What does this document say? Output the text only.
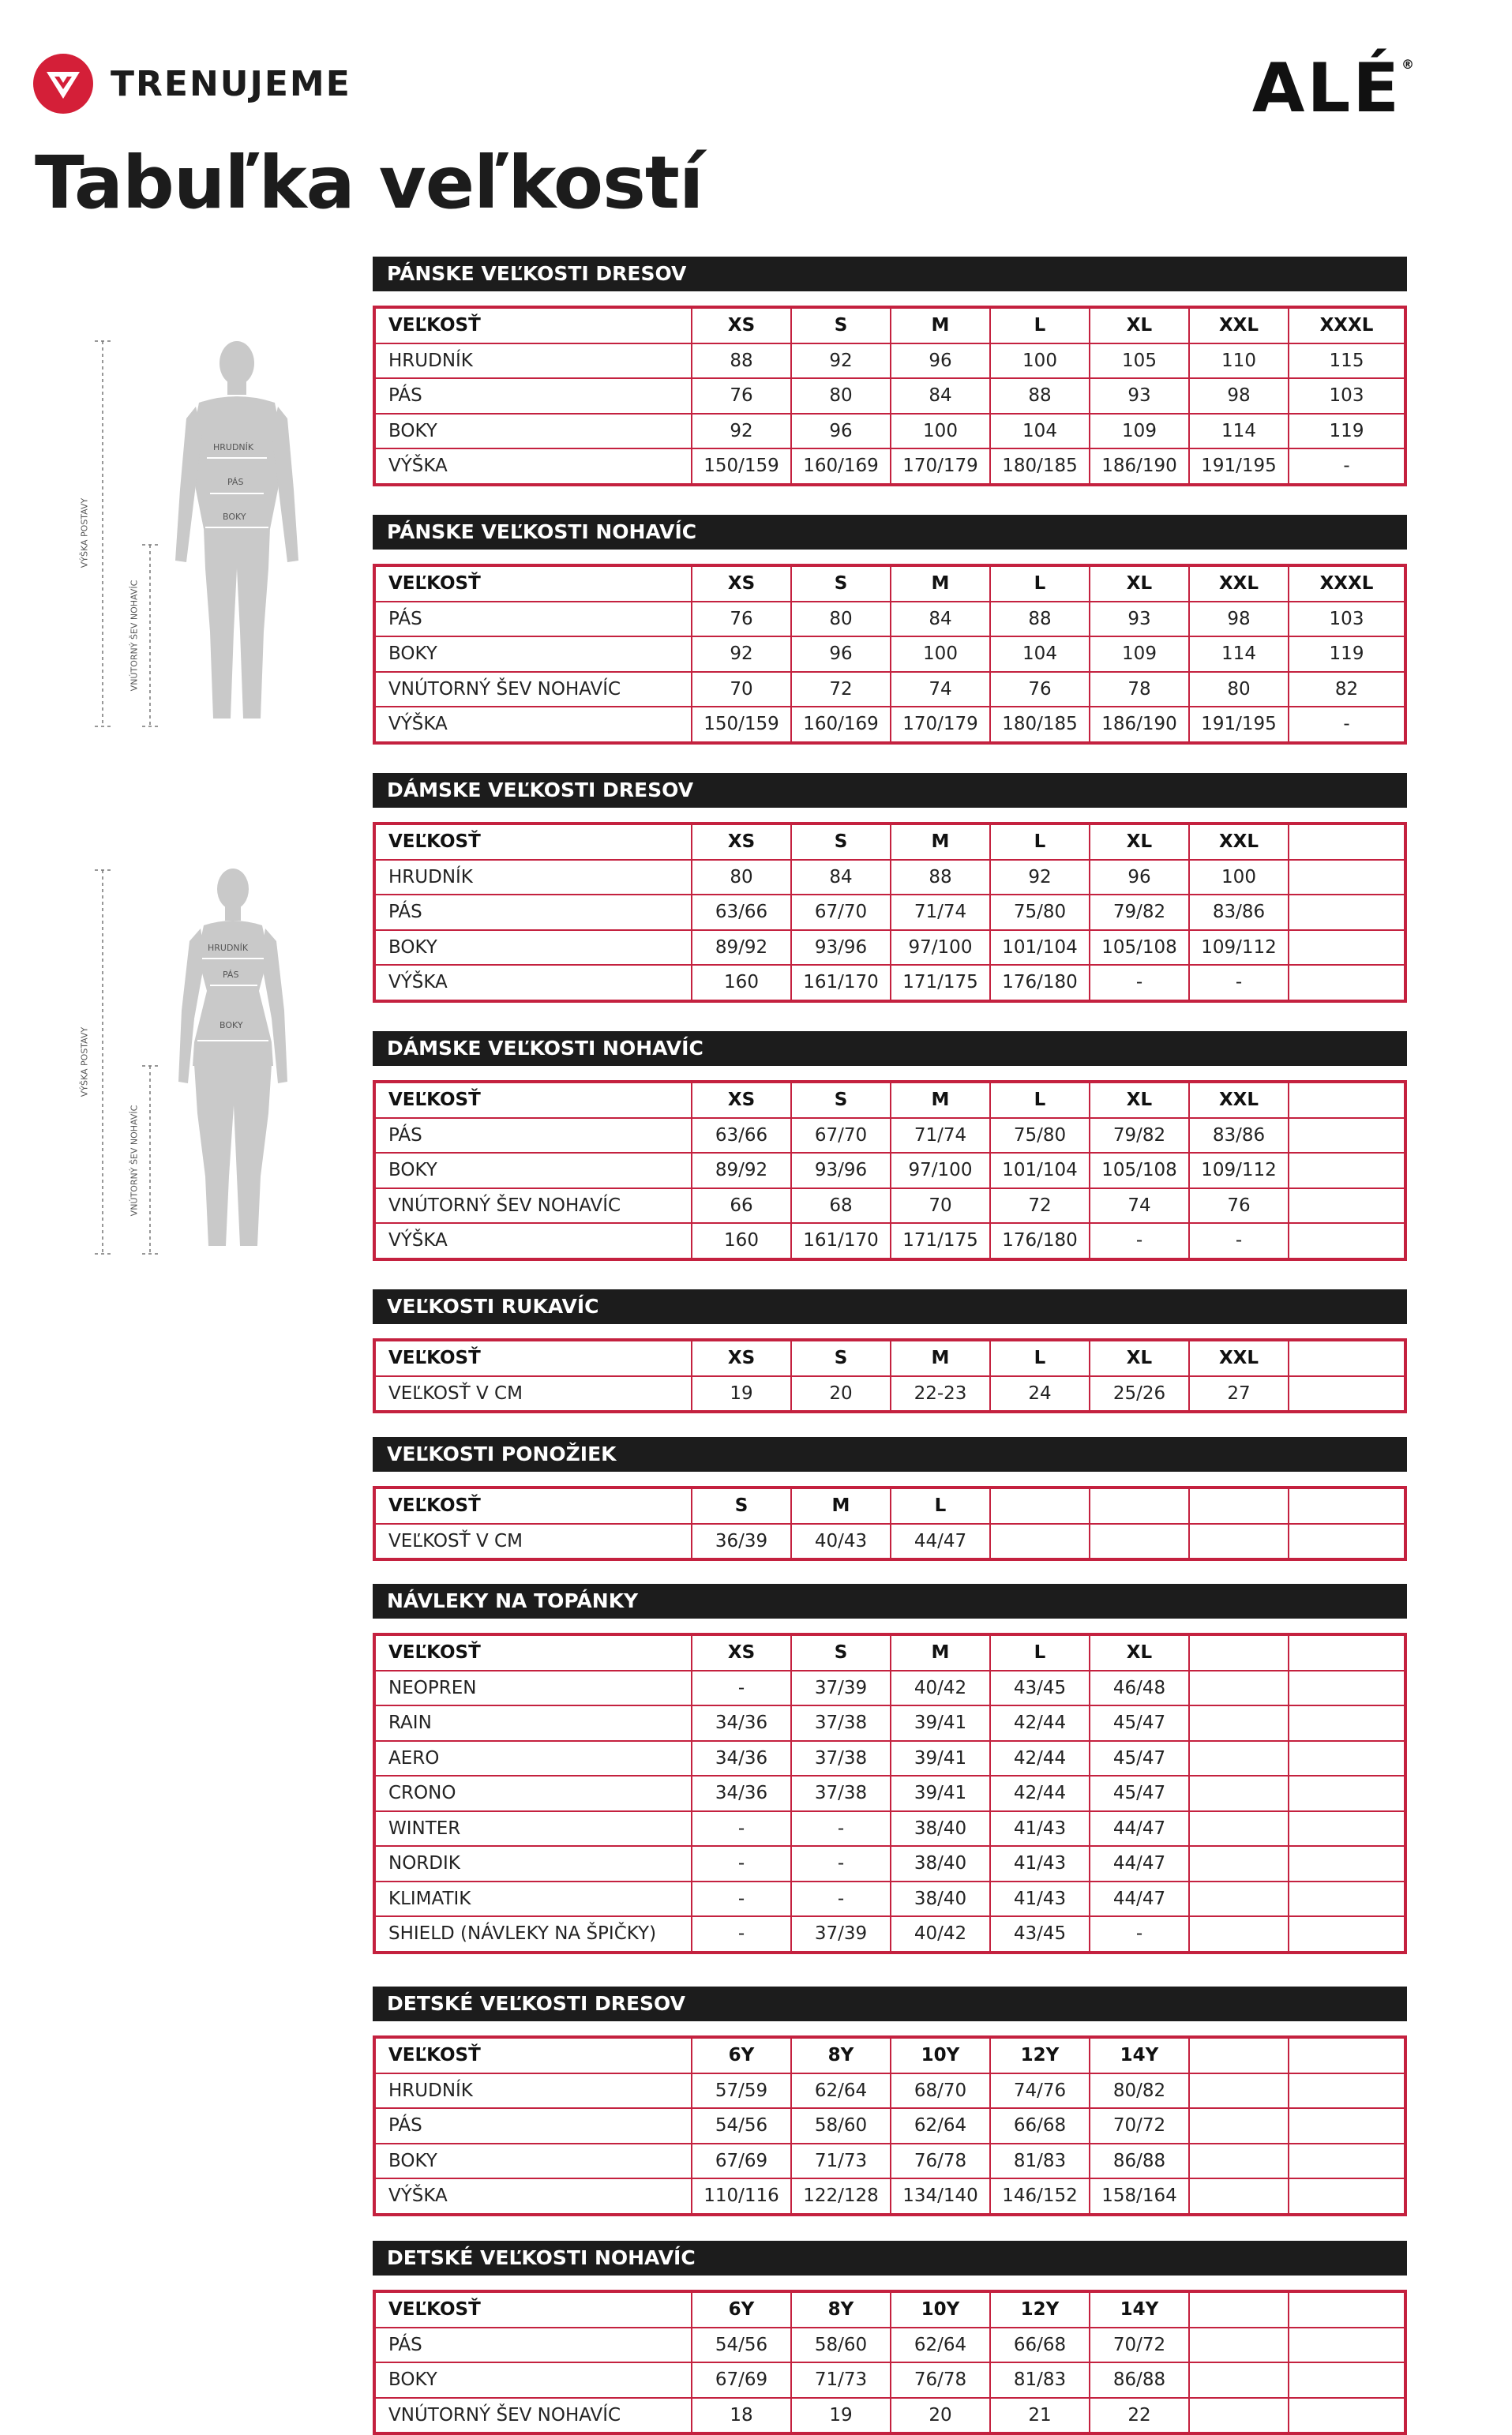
TRENUJEME	ALÉ®
Tabuľka veľkostí
HRUDNÍK
PÁS
BOKY
VÝŠKA POSTAVY
VNÚTORNÝ ŠEV NOHAVÍC
HRUDNÍK
PÁS
BOKY
VÝŠKA POSTAVY
VNÚTORNÝ ŠEV NOHAVÍC
PÁNSKE VEĽKOSTI DRESOV
VEĽKOSŤ	XS	S	M	L	XL	XXL	XXXL
HRUDNÍK	88	92	96	100	105	110	115
PÁS	76	80	84	88	93	98	103
BOKY	92	96	100	104	109	114	119
VÝŠKA	150/159	160/169	170/179	180/185	186/190	191/195	-
PÁNSKE VEĽKOSTI NOHAVÍC
VEĽKOSŤ	XS	S	M	L	XL	XXL	XXXL
PÁS	76	80	84	88	93	98	103
BOKY	92	96	100	104	109	114	119
VNÚTORNÝ ŠEV NOHAVÍC	70	72	74	76	78	80	82
VÝŠKA	150/159	160/169	170/179	180/185	186/190	191/195	-
DÁMSKE VEĽKOSTI DRESOV
VEĽKOSŤ	XS	S	M	L	XL	XXL	
HRUDNÍK	80	84	88	92	96	100	
PÁS	63/66	67/70	71/74	75/80	79/82	83/86	
BOKY	89/92	93/96	97/100	101/104	105/108	109/112	
VÝŠKA	160	161/170	171/175	176/180	-	-	
DÁMSKE VEĽKOSTI NOHAVÍC
VEĽKOSŤ	XS	S	M	L	XL	XXL	
PÁS	63/66	67/70	71/74	75/80	79/82	83/86	
BOKY	89/92	93/96	97/100	101/104	105/108	109/112	
VNÚTORNÝ ŠEV NOHAVÍC	66	68	70	72	74	76	
VÝŠKA	160	161/170	171/175	176/180	-	-	
VEĽKOSTI RUKAVÍC
VEĽKOSŤ	XS	S	M	L	XL	XXL	
VEĽKOSŤ V CM	19	20	22-23	24	25/26	27	
VEĽKOSTI PONOŽIEK
VEĽKOSŤ	S	M	L				
VEĽKOSŤ V CM	36/39	40/43	44/47				
NÁVLEKY NA TOPÁNKY
VEĽKOSŤ	XS	S	M	L	XL		
NEOPREN	-	37/39	40/42	43/45	46/48		
RAIN	34/36	37/38	39/41	42/44	45/47		
AERO	34/36	37/38	39/41	42/44	45/47		
CRONO	34/36	37/38	39/41	42/44	45/47		
WINTER	-	-	38/40	41/43	44/47		
NORDIK	-	-	38/40	41/43	44/47		
KLIMATIK	-	-	38/40	41/43	44/47		
SHIELD (NÁVLEKY NA ŠPIČKY)	-	37/39	40/42	43/45	-		
DETSKÉ VEĽKOSTI DRESOV
VEĽKOSŤ	6Y	8Y	10Y	12Y	14Y		
HRUDNÍK	57/59	62/64	68/70	74/76	80/82		
PÁS	54/56	58/60	62/64	66/68	70/72		
BOKY	67/69	71/73	76/78	81/83	86/88		
VÝŠKA	110/116	122/128	134/140	146/152	158/164		
DETSKÉ VEĽKOSTI NOHAVÍC
VEĽKOSŤ	6Y	8Y	10Y	12Y	14Y		
PÁS	54/56	58/60	62/64	66/68	70/72		
BOKY	67/69	71/73	76/78	81/83	86/88		
VNÚTORNÝ ŠEV NOHAVÍC	18	19	20	21	22		
